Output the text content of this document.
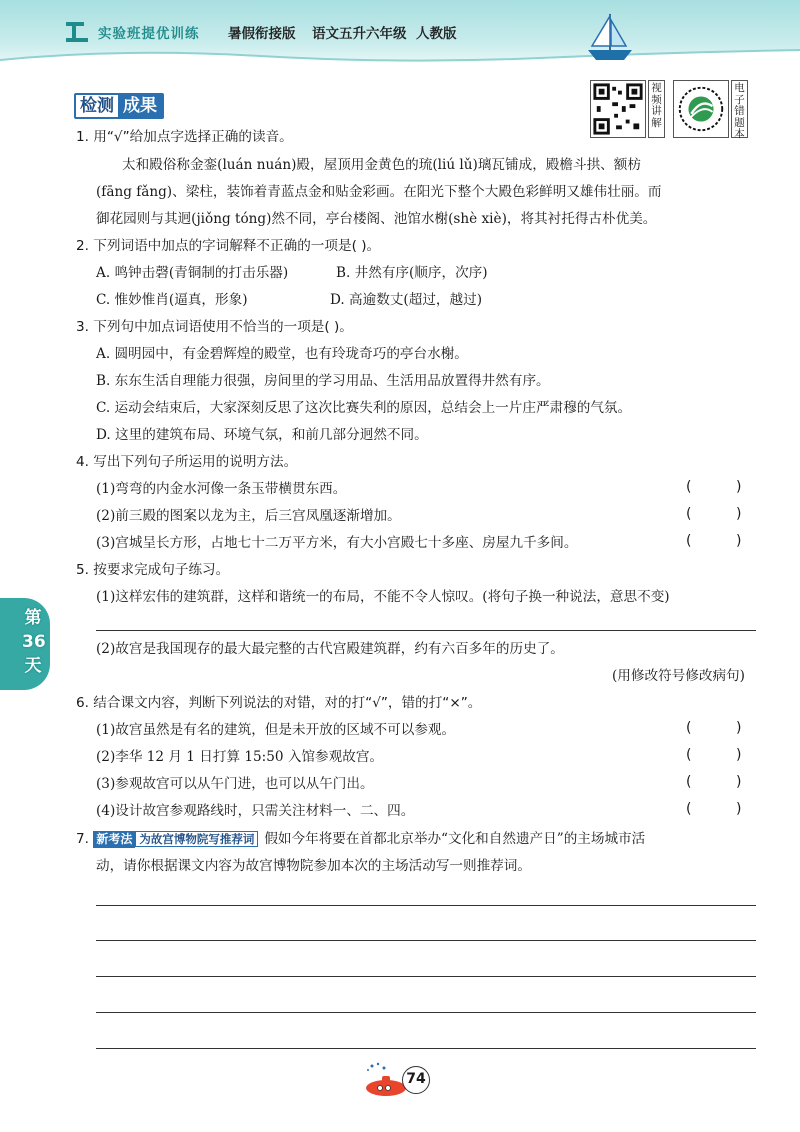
实验班提优训练 暑假衔接版 语文五升六年级 人教版
检测 成果
视频讲解
电子错题本
第
36
天
1. 用“√”给加点字选择正确的读音。
太和殿俗称金銮(luán nuán)殿，屋顶用金黄色的琉(liú lǔ)璃瓦铺成，殿檐斗拱、额枋
(fāng fǎng)、梁柱，装饰着青蓝点金和贴金彩画。在阳光下整个大殿色彩鲜明又雄伟壮丽。而
御花园则与其迥(jiǒng tóng)然不同，亭台楼阁、池馆水榭(shè xiè)，将其衬托得古朴优美。
2. 下列词语中加点的字词解释不正确的一项是( )。
A. 鸣钟击磬(青铜制的打击乐器)	B. 井然有序(顺序，次序)
C. 惟妙惟肖(逼真，形象)	D. 高逾数丈(超过，越过)
3. 下列句中加点词语使用不恰当的一项是( )。
A. 圆明园中，有金碧辉煌的殿堂，也有玲珑奇巧的亭台水榭。
B. 东东生活自理能力很强，房间里的学习用品、生活用品放置得井然有序。
C. 运动会结束后，大家深刻反思了这次比赛失利的原因，总结会上一片庄严肃穆的气氛。
D. 这里的建筑布局、环境气氛，和前几部分迥然不同。
4. 写出下列句子所运用的说明方法。
(1)弯弯的内金水河像一条玉带横贯东西。	(          )
(2)前三殿的图案以龙为主，后三宫凤凰逐渐增加。	(          )
(3)宫城呈长方形，占地七十二万平方米，有大小宫殿七十多座、房屋九千多间。	(          )
5. 按要求完成句子练习。
(1)这样宏伟的建筑群，这样和谐统一的布局，不能不令人惊叹。(将句子换一种说法，意思不变)
(2)故宫是我国现存的最大最完整的古代宫殿建筑群，约有六百多年的历史了。
(用修改符号修改病句)
6. 结合课文内容，判断下列说法的对错，对的打“√”，错的打“×”。
(1)故宫虽然是有名的建筑，但是未开放的区域不可以参观。	(          )
(2)李华 12 月 1 日打算 15:50 入馆参观故宫。	(          )
(3)参观故宫可以从午门进，也可以从午门出。	(          )
(4)设计故宫参观路线时，只需关注材料一、二、四。	(          )
7. 新考法 为故宫博物院写推荐词 假如今年将要在首都北京举办“文化和自然遗产日”的主场城市活
动，请你根据课文内容为故宫博物院参加本次的主场活动写一则推荐词。
74
